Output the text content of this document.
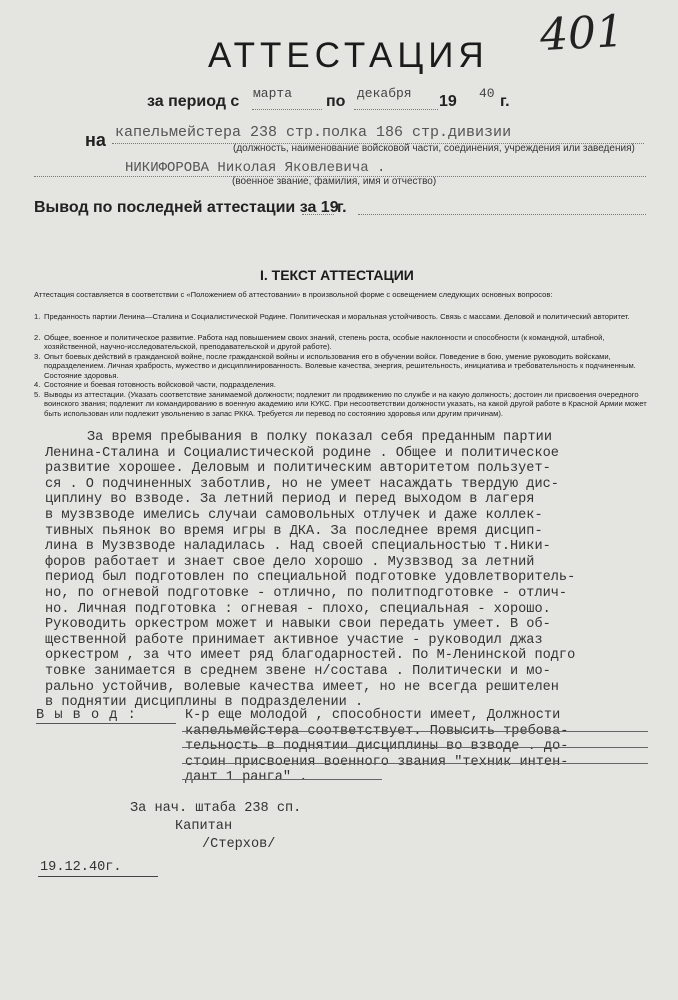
401
АТТЕСТАЦИЯ
за период с марта по декабря 19 40 г.
на капельмейстера 238 стр.полка 186 стр.дивизии
(должность, наименование войсковой части, соединения, учреждения или заведения)
НИКИФОРОВА Николая Яковлевича .
(военное звание, фамилия, имя и отчество)
Вывод по последней аттестации за 19
г.
I. ТЕКСТ АТТЕСТАЦИИ

Аттестация составляется в соответствии с «Положением об аттестовании» в произвольной форме с освещением следующих основных вопросов:

1. Преданность партии Ленина—Сталина и Социалистической Родине. Политическая и моральная устойчивость. Связь с массами. Деловой и политический авторитет.
2. Общее, военное и политическое развитие. Работа над повышением своих знаний, степень роста, особые наклонности и способности (к командной, штабной, хозяйственной, научно-исследовательской, преподавательской и другой работе).
3. Опыт боевых действий в гражданской войне, после гражданской войны и использования его в обучении войск. Поведение в бою, умение руководить войсками, подразделением. Личная храбрость, мужество и дисциплинированность. Волевые качества, энергия, решительность, инициатива и требовательность к подчиненным. Состояние здоровья.
4. Состояние и боевая готовность войсковой части, подразделения.
5. Выводы из аттестации. (Указать соответствие занимаемой должности; подлежит ли продвижению по службе и на какую должность; достоин ли присвоения очередного воинского звания; подлежит ли командированию в военную академию или КУКС. При несоответствии должности указать, на какой другой работе в Красной Армии может быть использован или подлежит увольнению в запас РККА. Требуется ли перевод по состоянию здоровья или другим причинам).
За время пребывания в полку показал себя преданным партии
Ленина-Сталина и Социалистической родине . Общее и политическое
развитие хорошее. Деловым и политическим авторитетом пользует-
ся . О подчиненных заботлив, но не умеет насаждать твердую дис-
циплину во взводе. За летний период и перед выходом в лагеря
в музвзводе имелись случаи самовольных отлучек и даже коллек-
тивных пьянок во время игры в ДКА. За последнее время дисцип-
лина в Музвзводе наладилась . Над своей специальностью т.Ники-
форов работает и знает свое дело хорошо . Музвзвод за летний
период был подготовлен по специальной подготовке удовлетворитель-
но, по огневой подготовке - отлично, по политподготовке - отлич-
но. Личная подготовка : огневая - плохо, специальная - хорошо.
Руководить оркестром может и навыки свои передать умеет. В об-
щественной работе принимает активное участие - руководил джаз
оркестром , за что имеет ряд благодарностей. По М-Ленинской подго
товке занимается в среднем звене н/состава . Политически и мо-
рально устойчив, волевые качества имеет, но не всегда решителен
в поднятии дисциплины в подразделении .
В ы в о д :	К-р еще молодой , способности имеет, Должности
капельмейстера соответствует. Повысить требова-
тельность в поднятии дисциплины во взводе . до-
стоин присвоения военного звания "техник интен-
дант 1 ранга" .
За нач. штаба 238 сп.
Капитан
/Стерхов/
19.12.40г.
